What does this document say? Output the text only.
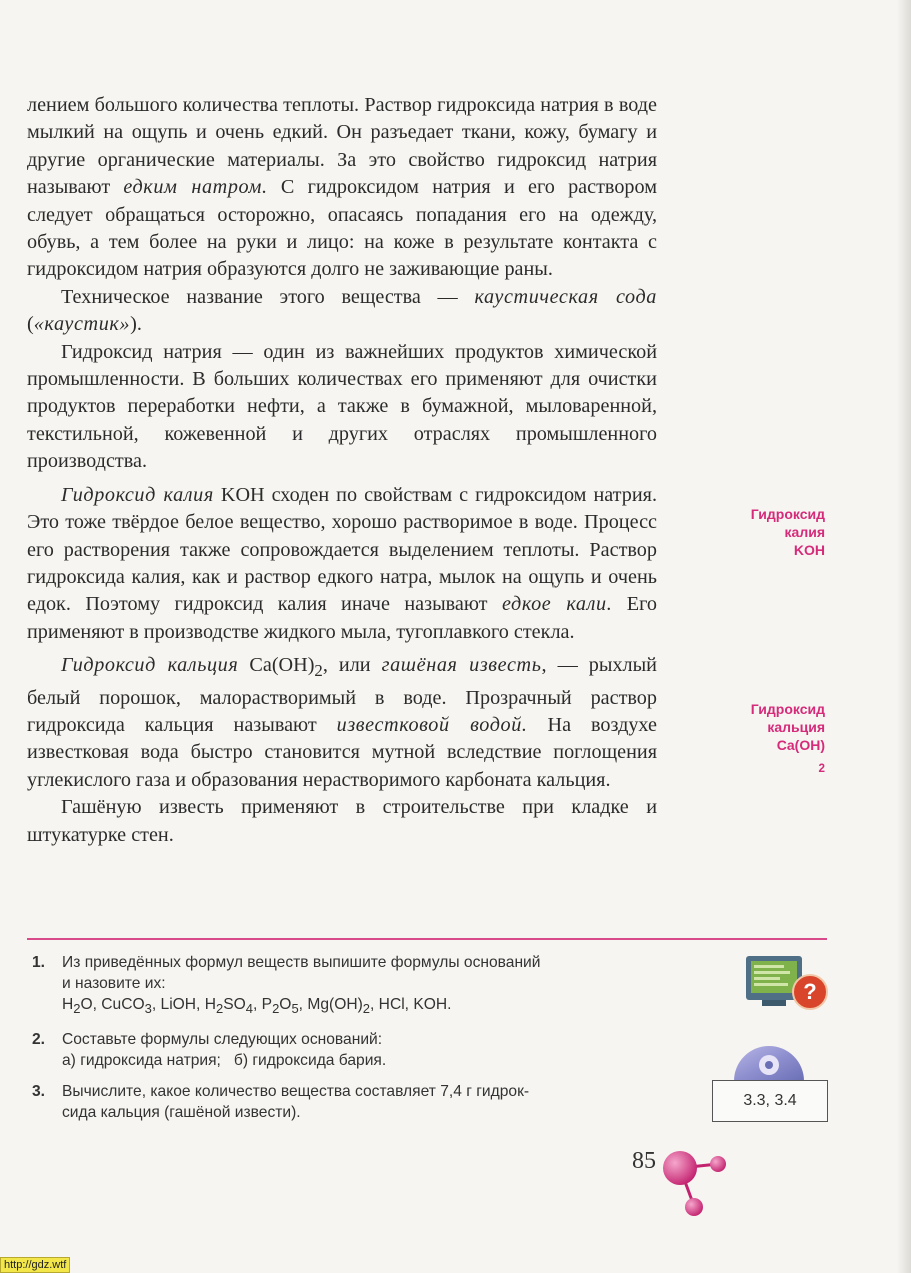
лением большого количества теплоты. Раствор гидроксида натрия в воде мылкий на ощупь и очень едкий. Он разъедает ткани, кожу, бумагу и другие органические материалы. За это свойство гидроксид натрия называют едким натром. С гидроксидом натрия и его раствором следует обращаться осторожно, опасаясь попадания его на одежду, обувь, а тем более на руки и лицо: на коже в результате контакта с гидроксидом натрия образуются долго не заживающие раны.

Техническое название этого вещества — каустическая сода («каустик»).

Гидроксид натрия — один из важнейших продуктов химической промышленности. В больших количествах его применяют для очистки продуктов переработки нефти, а также в бумажной, мыловаренной, текстильной, кожевенной и других отраслях промышленного производства.

Гидроксид калия KOH сходен по свойствам с гидроксидом натрия. Это тоже твёрдое белое вещество, хорошо растворимое в воде. Процесс его растворения также сопровождается выделением теплоты. Раствор гидроксида калия, как и раствор едкого натра, мылок на ощупь и очень едок. Поэтому гидроксид калия иначе называют едкое кали. Его применяют в производстве жидкого мыла, тугоплавкого стекла.

Гидроксид кальция $Ca(OH)_2$, или гашёная известь, — рыхлый белый порошок, малорастворимый в воде. Прозрачный раствор гидроксида кальция называют известковой водой. На воздухе известковая вода быстро становится мутной вследствие поглощения углекислого газа и образования нерастворимого карбоната кальция.

Гашёную известь применяют в строительстве при кладке и штукатурке стен.

Гидроксид
калия
KOH
Гидроксид
кальция
Ca(OH)
$_2$
1. Из приведённых формул веществ выпишите формулы оснований
и назовите их:
$H_2O$, CuCO$_3$, LiOH, $H_2SO_4$, $P_2O_5$, $Mg(OH)_2$, HCl, KOH.
2. Составьте формулы следующих оснований:
а) гидроксида натрия;   б) гидроксида бария.
3. Вычислите, какое количество вещества составляет 7,4 г гидрок-
сида кальция (гашёной извести).
?
3.3, 3.4
85
http://gdz.wtf
